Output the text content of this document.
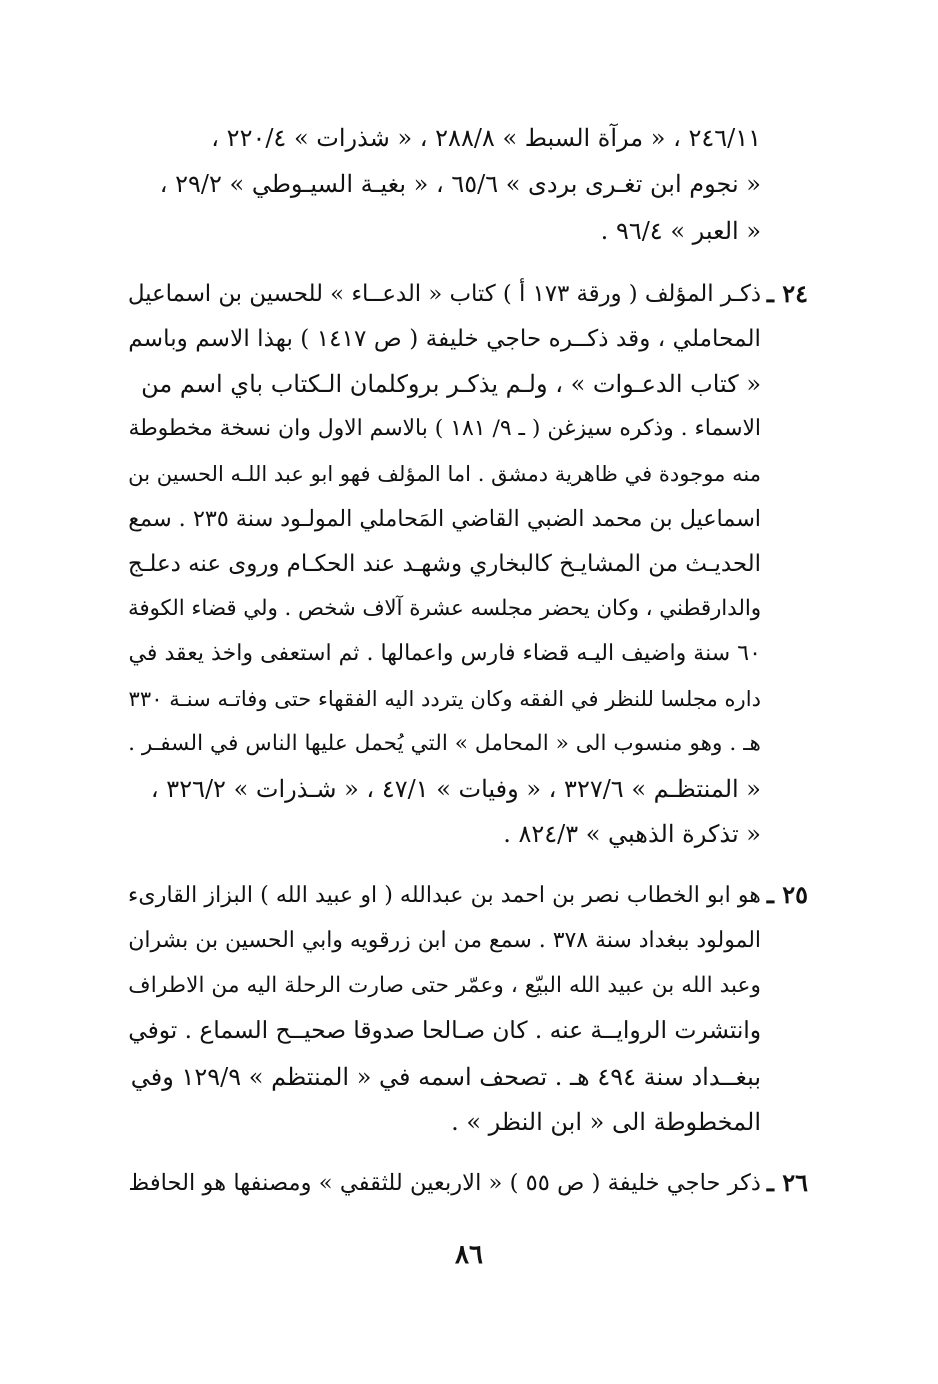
٢٤٦/١١ ، « مرآة السبط » ٢٨٨/٨ ، « شذرات » ٢٢٠/٤ ،
« نجوم ابن تغـرى بردى » ٦٥/٦ ، « بغيـة السيـوطي » ٢٩/٢ ،
« العبر » ٩٦/٤ .
٢٤ ـ
ذكـر المؤلف ( ورقة ١٧٣ أ ) كتاب « الدعــاء » للحسين بن اسماعيل
المحاملي ، وقد ذكــره حاجي خليفة ( ص ١٤١٧ ) بهذا الاسم وباسم
« كتاب الدعـوات » ، ولـم يذكـر بروكلمان الـكتاب باي اسم من
الاسماء . وذكره سيزغن ( ـ ٩/ ١٨١ ) بالاسم الاول وان نسخة مخطوطة
منه موجودة في ظاهرية دمشق . اما المؤلف فهو ابو عبد اللـه الحسين بن
اسماعيل بن محمد الضبي القاضي المَحاملي المولـود سنة ٢٣٥ . سمع
الحديـث من المشايـخ كالبخاري وشهـد عند الحكـام وروى عنه دعلـج
والدارقطني ، وكان يحضر مجلسه عشرة آلاف شخص . ولي قضاء الكوفة
٦٠ سنة واضيف اليـه قضاء فارس واعمالها . ثم استعفى واخذ يعقد في
داره مجلسا للنظر في الفقه وكان يتردد اليه الفقهاء حتى وفاتـه سنـة ٣٣٠
هـ . وهو منسوب الى « المحامل » التي يُحمل عليها الناس في السفـر .
« المنتظـم » ٣٢٧/٦ ، « وفيات » ٤٧/١ ، « شـذرات » ٣٢٦/٢ ،
« تذكرة الذهبي » ٨٢٤/٣ .
٢٥ ـ
هو ابو الخطاب نصر بن احمد بن عبدالله ( او عبيد الله ) البزاز القارىء
المولود ببغداد سنة ٣٧٨ . سمع من ابن زرقويه وابي الحسين بن بشران
وعبد الله بن عبيد الله البيّع ، وعمّر حتى صارت الرحلة اليه من الاطراف
وانتشرت الروايــة عنه . كان صـالحا صدوقا صحيــح السماع . توفي
ببغــداد سنة ٤٩٤ هـ . تصحف اسمه في « المنتظم » ١٢٩/٩ وفي
المخطوطة الى « ابن النظر » .
٢٦ ـ
ذكر حاجي خليفة ( ص ٥٥ ) « الاربعين للثقفي » ومصنفها هو الحافظ
٨٦
